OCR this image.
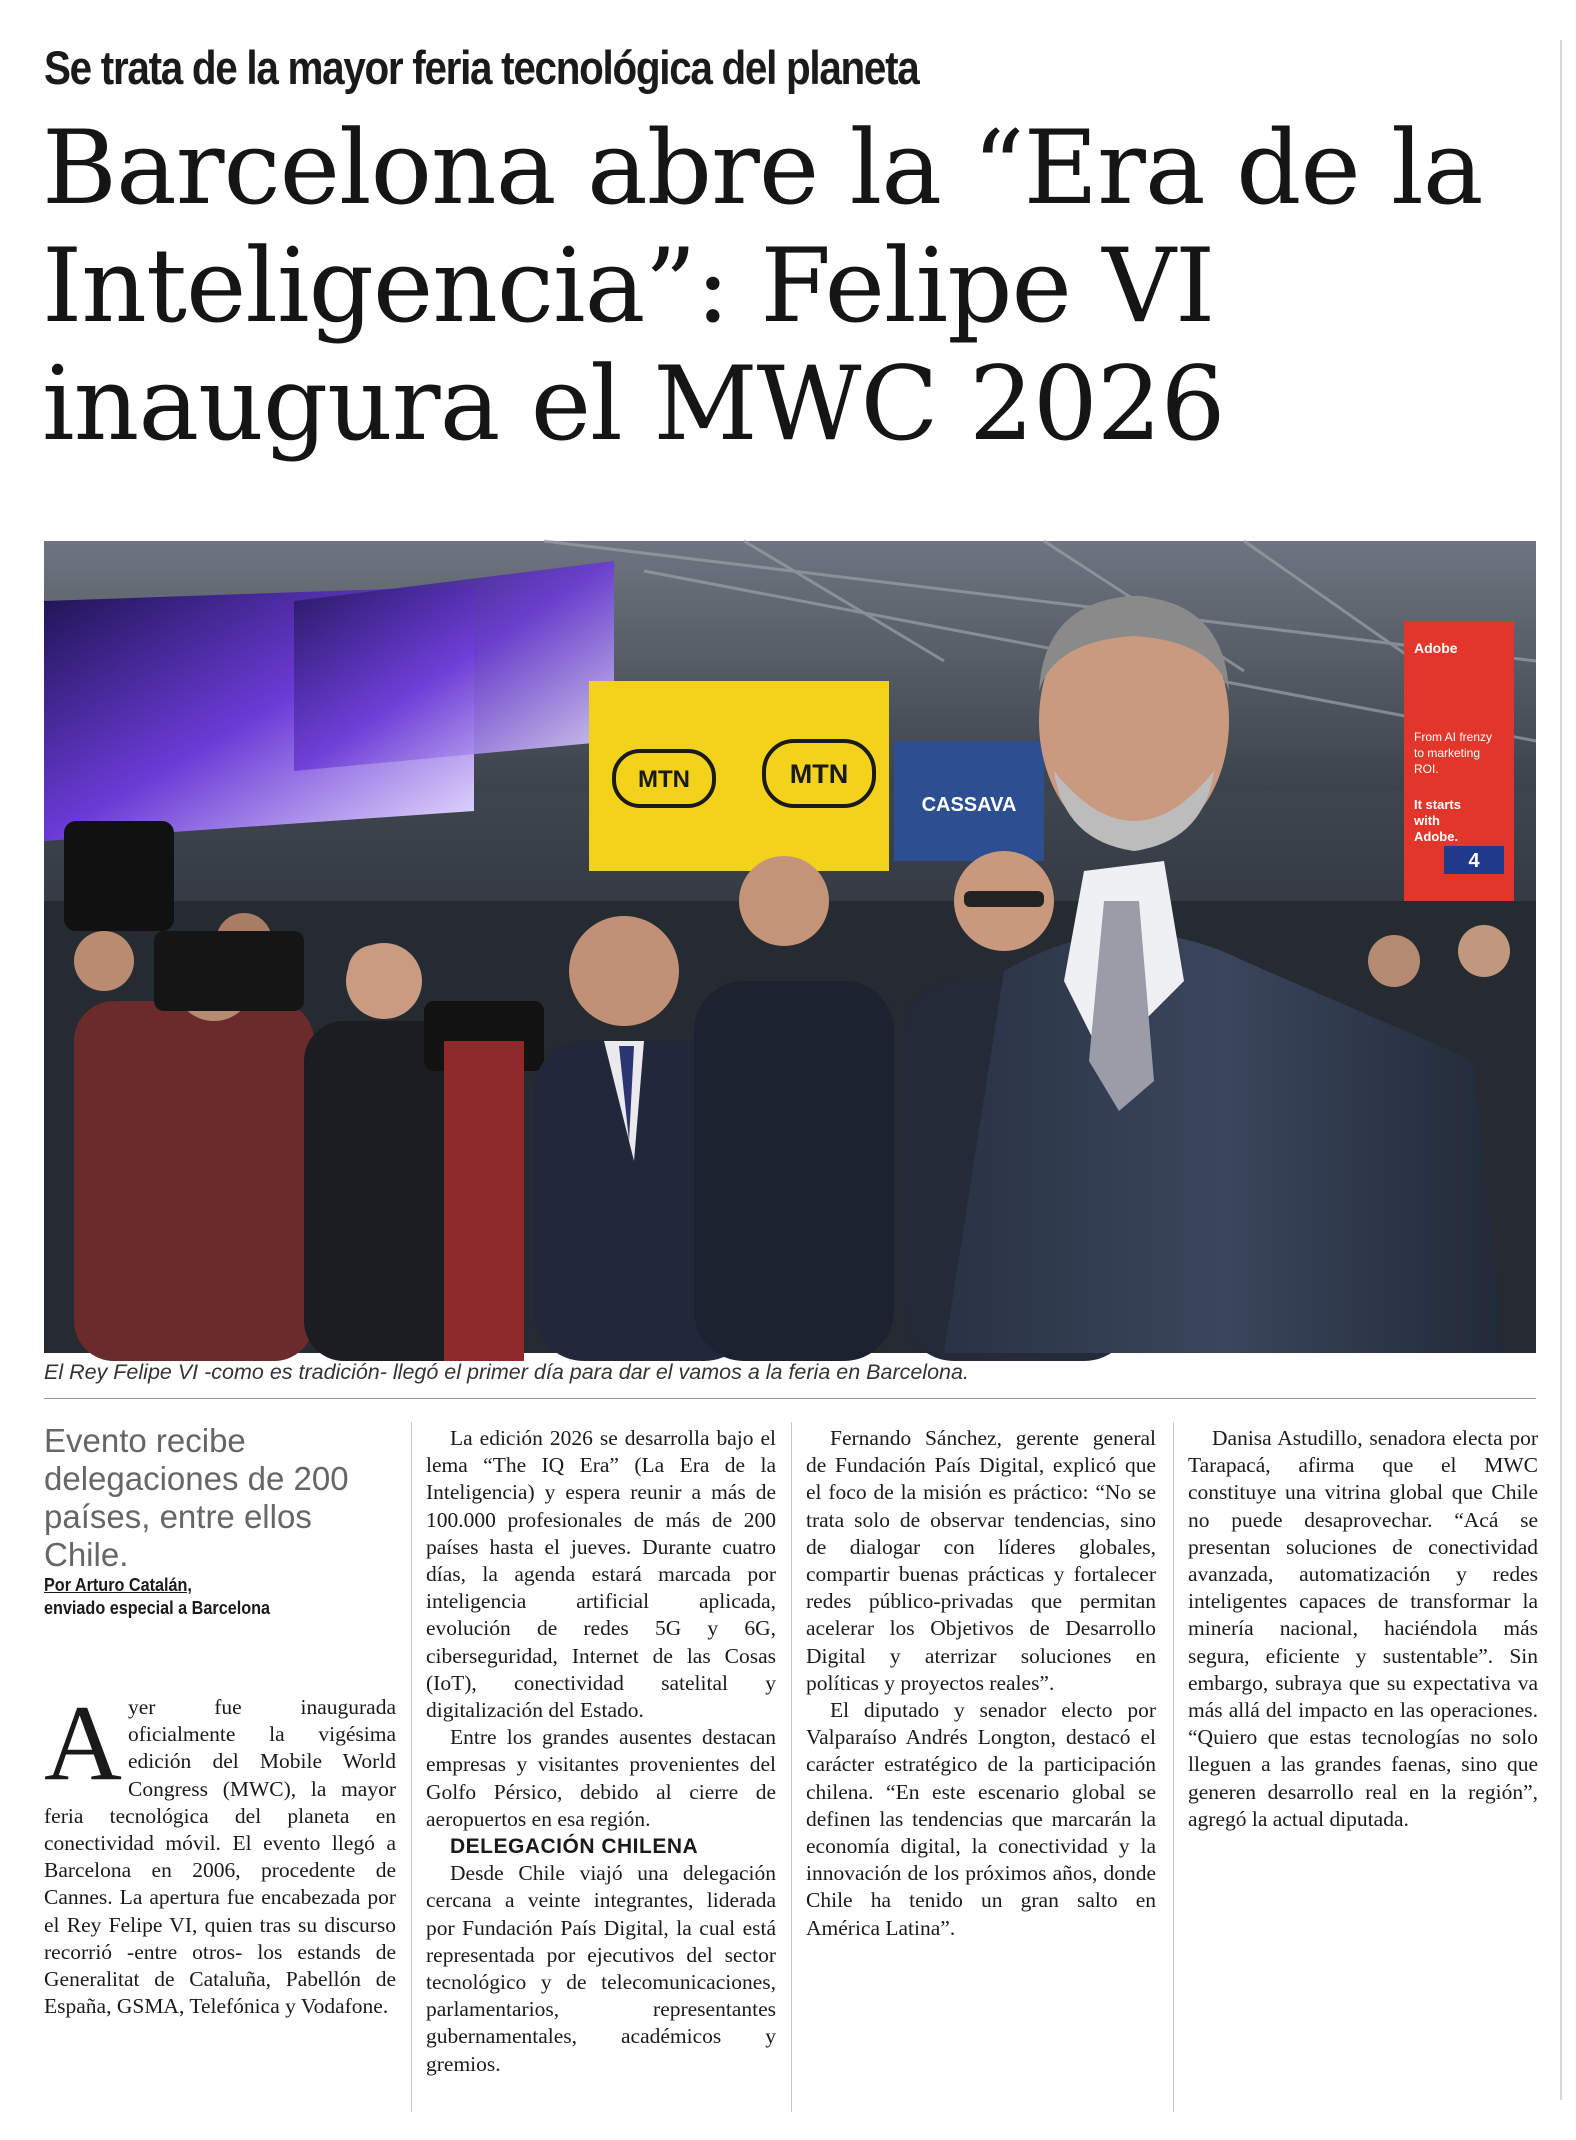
Se trata de la mayor feria tecnológica del planeta
Barcelona abre la “Era de la
Inteligencia”: Felipe VI
inaugura el MWC 2026
MTN	MTN
CASSAVA
Adobe
From AI frenzy
to marketing
ROI.
It starts
with
Adobe.
4
El Rey Felipe VI -como es tradición- llegó el primer día para dar el vamos a la feria en Barcelona.
Evento recibe delegaciones de 200 países, entre ellos Chile.
Por Arturo Catalán,
enviado especial a Barcelona

Ayer fue inaugurada oficialmente la vigésima edición del Mobile World Congress (MWC), la mayor feria tecnológica del planeta en conectividad móvil. El evento llegó a Barcelona en 2006, procedente de Cannes. La apertura fue encabezada por el Rey Felipe VI, quien tras su discurso recorrió -entre otros- los estands de Generalitat de Cataluña, Pabellón de España, GSMA, Telefónica y Vodafone.

La edición 2026 se desarrolla bajo el lema “The IQ Era” (La Era de la Inteligencia) y espera reunir a más de 100.000 profesionales de más de 200 países hasta el jueves. Durante cuatro días, la agenda estará marcada por inteligencia artificial aplicada, evolución de redes 5G y 6G, ciberseguridad, Internet de las Cosas (IoT), conectividad satelital y digitalización del Estado.

Entre los grandes ausentes destacan empresas y visitantes provenientes del Golfo Pérsico, debido al cierre de aeropuertos en esa región.

DELEGACIÓN CHILENA

Desde Chile viajó una delegación cercana a veinte integrantes, liderada por Fundación País Digital, la cual está representada por ejecutivos del sector tecnológico y de telecomunicaciones, parlamentarios, representantes gubernamentales, académicos y gremios.

Fernando Sánchez, gerente general de Fundación País Digital, explicó que el foco de la misión es práctico: “No se trata solo de observar tendencias, sino de dialogar con líderes globales, compartir buenas prácticas y fortalecer redes público-privadas que permitan acelerar los Objetivos de Desarrollo Digital y aterrizar soluciones en políticas y proyectos reales”.

El diputado y senador electo por Valparaíso Andrés Longton, destacó el carácter estratégico de la participación chilena. “En este escenario global se definen las tendencias que marcarán la economía digital, la conectividad y la innovación de los próximos años, donde Chile ha tenido un gran salto en América Latina”.

Danisa Astudillo, senadora electa por Tarapacá, afirma que el MWC constituye una vitrina global que Chile no puede desaprovechar. “Acá se presentan soluciones de conectividad avanzada, automatización y redes inteligentes capaces de transformar la minería nacional, haciéndola más segura, eficiente y sustentable”. Sin embargo, subraya que su expectativa va más allá del impacto en las operaciones. “Quiero que estas tecnologías no solo lleguen a las grandes faenas, sino que generen desarrollo real en la región”, agregó la actual diputada.
